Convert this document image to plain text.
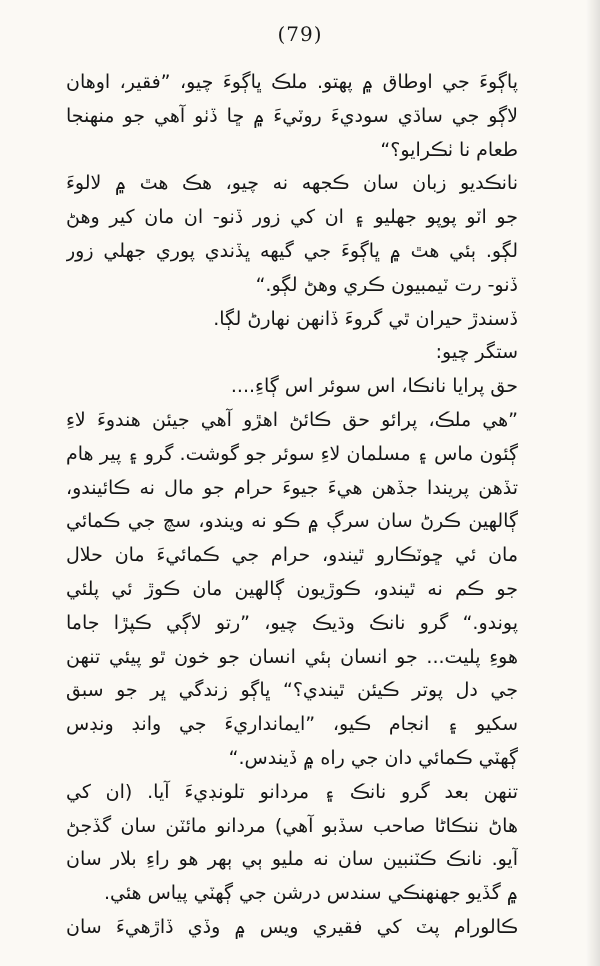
(79)
پاڳوءَ جي اوطاق ۾ پهتو. ملڪ ڀاڳوءَ چيو، ”فقير، اوهان
لاڳو جي ساڌي سوديءَ روٽيءَ ۾ ڇا ڏٺو آهي جو منهنجا
طعام نا ٺڪرايو؟“
نانڪديو زبان سان ڪجهه نه چيو، هڪ هٿ ۾ لالوءَ
جو اٽو پوپو جهليو ۽ ان کي زور ڏنو- ان مان کير وهڻ
لڳو. ٻئي هٿ ۾ ڀاڳوءَ جي گيهه ڀڏندي پوري جهلي زور
ڏنو- رت ٽيمبيون ڪري وهڻ لڳو.“
ڏسندڙ حيران ٿي گروءَ ڏانهن نهارڻ لڳا.
ستگر چيو:
حق پرايا نانڪا، اس سوئر اس ڳاءِ....
”هي ملڪ، پرائو حق ڪائڻ اهڙو آهي جيئن هندوءَ لاءِ
ڳئون ماس ۽ مسلمان لاءِ سوئر جو گوشت. گرو ۽ پير هام
تڏهن پريندا جڏهن هيءَ جيوءَ حرام جو مال نه ڪائيندو،
ڳالهين ڪرڻ سان سرڳ ۾ ڪو نه ويندو، سچ جي ڪمائي
مان ئي ڇوٽڪارو ٿيندو، حرام جي ڪمائيءَ مان حلال
جو ڪم نه ٿيندو، ڪوڙيون ڳالهين مان ڪوڙ ئي پلئي
پوندو.“ گرو نانڪ وڌيڪ چيو، ”رتو لاڳي ڪپڙا جاما
هوءِ پليت... جو انسان ٻئي انسان جو خون ٿو پيئي تنهن
جي دل پوتر ڪيئن ٿيندي؟“ ڀاڳو زندگي ڀر جو سبق
سکيو ۽ انجام ڪيو، ”ايمانداريءَ جي وانڊ ونڊس
ڳهٽي ڪمائي دان جي راه ۾ ڏيندس.“
تنهن بعد گرو نانڪ ۽ مردانو تلونڊيءَ آيا. (ان کي
هاڻ ننڪاڻا صاحب سڏبو آهي) مردانو مائٽن سان گڏجڻ
آيو. نانڪ ڪٽنبين سان نه مليو ٻي ٻهر هو راءِ بلار سان
۾ گڏيو جهنهنڪي سندس درشن جي ڳهٽي پياس هئي.
ڪالورام پٽ کي فقيري ويس ۾ وڏي ڏاڙهيءَ سان
